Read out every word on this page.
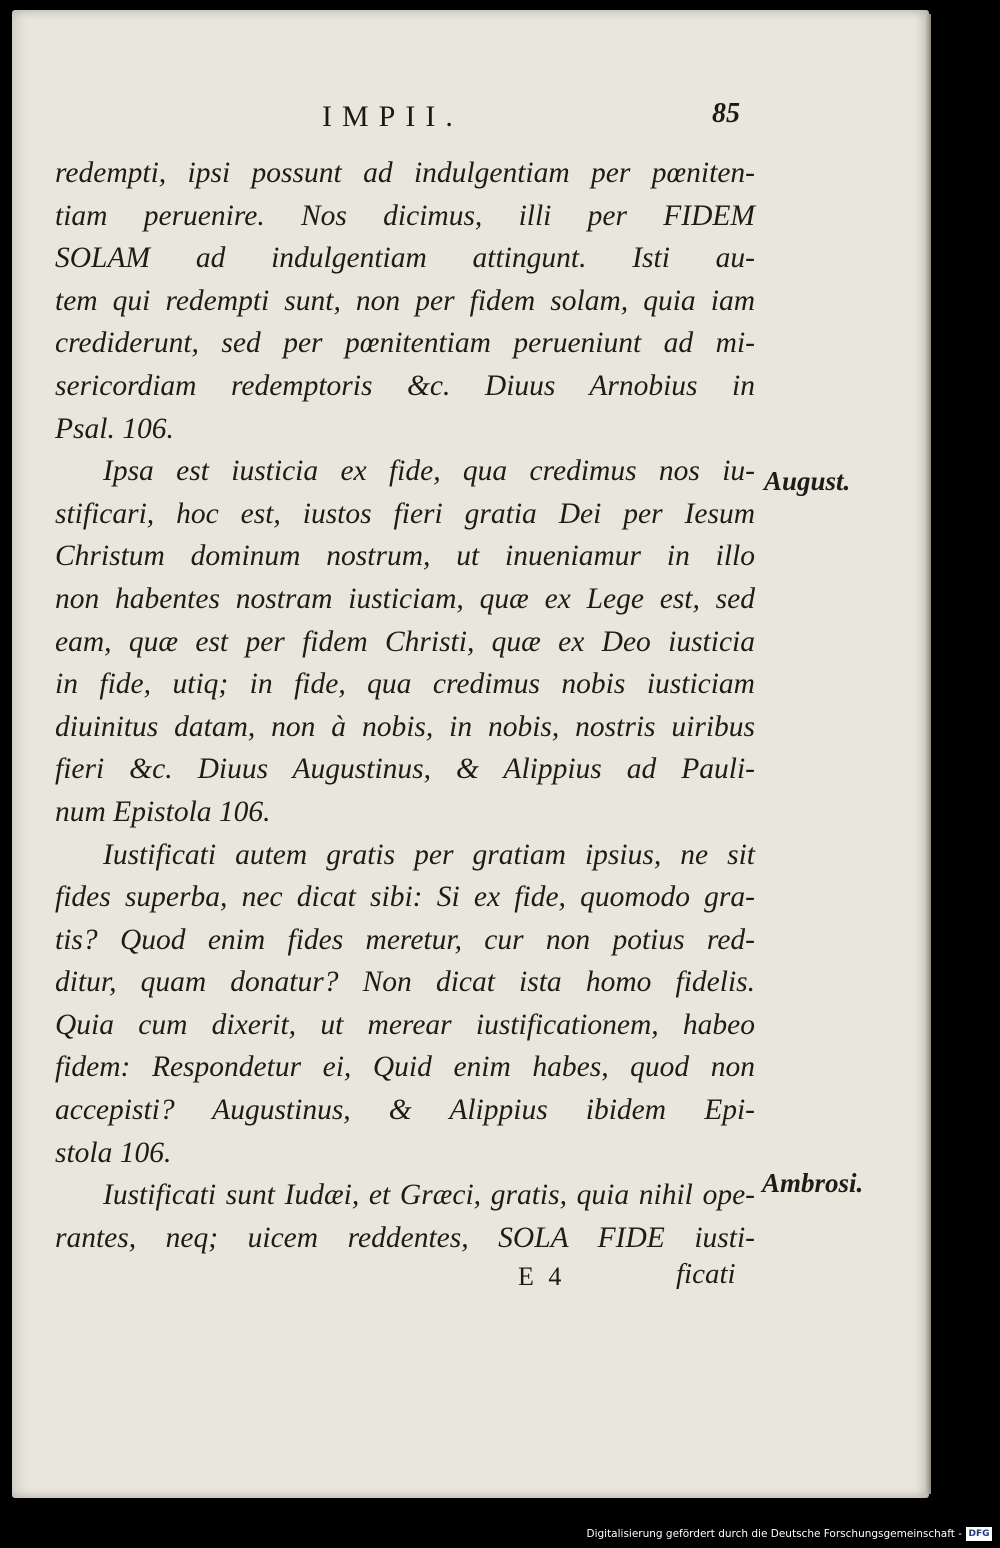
IMPII.	85
redempti, ipsi possunt ad indulgentiam per pœniten-
tiam peruenire. Nos dicimus, illi per FIDEM
SOLAM ad indulgentiam attingunt. Isti au-
tem qui redempti sunt, non per fidem solam, quia iam
crediderunt, sed per pœnitentiam perueniunt ad mi-
sericordiam redemptoris &c. Diuus Arnobius in
Psal. 106.
Ipsa est iusticia ex fide, qua credimus nos iu-
stificari, hoc est, iustos fieri gratia Dei per Iesum
Christum dominum nostrum, ut inueniamur in illo
non habentes nostram iusticiam, quæ ex Lege est, sed
eam, quæ est per fidem Christi, quæ ex Deo iusticia
in fide, utiq; in fide, qua credimus nobis iusticiam
diuinitus datam, non à nobis, in nobis, nostris uiribus
fieri &c. Diuus Augustinus, & Alippius ad Pauli-
num Epistola 106.
Iustificati autem gratis per gratiam ipsius, ne sit
fides superba, nec dicat sibi: Si ex fide, quomodo gra-
tis? Quod enim fides meretur, cur non potius red-
ditur, quam donatur? Non dicat ista homo fidelis.
Quia cum dixerit, ut merear iustificationem, habeo
fidem: Respondetur ei, Quid enim habes, quod non
accepisti? Augustinus, & Alippius ibidem Epi-
stola 106.
Iustificati sunt Iudæi, et Græci, gratis, quia nihil ope-
rantes, neq; uicem reddentes, SOLA FIDE iusti-
August.
Ambrosi.
E 4	ficati
Digitalisierung gefördert durch die Deutsche Forschungsgemeinschaft - DFG
